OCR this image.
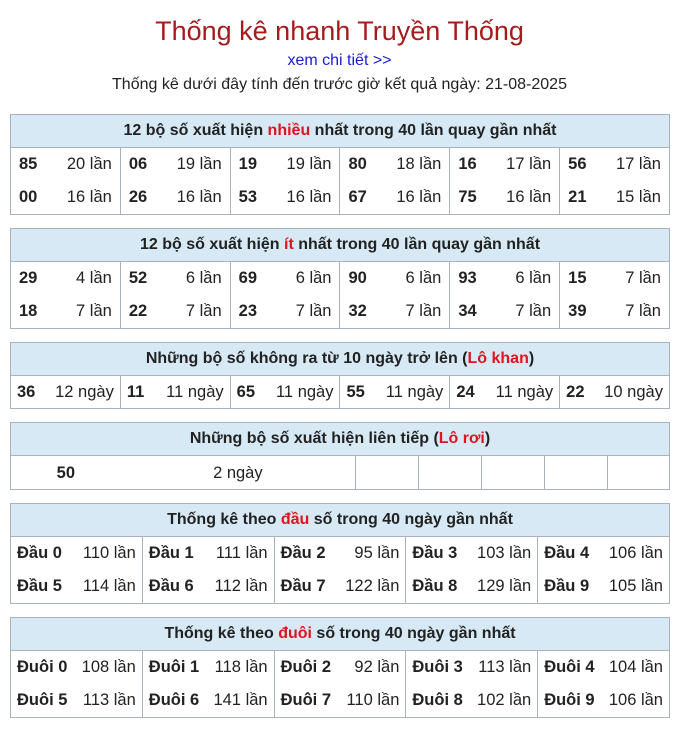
Thống kê nhanh Truyền Thống
xem chi tiết >>
Thống kê dưới đây tính đến trước giờ kết quả ngày: 21-08-2025
12 bộ số xuất hiện nhiều nhất trong 40 lần quay gần nhất
85 20 lần 06 19 lần 19 19 lần 80 18 lần 16 17 lần 56 17 lần
00 16 lần 26 16 lần 53 16 lần 67 16 lần 75 16 lần 21 15 lần
12 bộ số xuất hiện ít nhất trong 40 lần quay gần nhất
29 4 lần 52 6 lần 69 6 lần 90 6 lần 93 6 lần 15 7 lần
18 7 lần 22 7 lần 23 7 lần 32 7 lần 34 7 lần 39 7 lần
Những bộ số không ra từ 10 ngày trở lên (Lô khan)
36 12 ngày 11 11 ngày 65 11 ngày 55 11 ngày 24 11 ngày 22 10 ngày
Những bộ số xuất hiện liên tiếp (Lô rơi)
50	2 ngày
Thống kê theo đầu số trong 40 ngày gần nhất
Đầu 0 110 lần Đầu 1 111 lần Đầu 2 95 lần Đầu 3 103 lần Đầu 4 106 lần
Đầu 5 114 lần Đầu 6 112 lần Đầu 7 122 lần Đầu 8 129 lần Đầu 9 105 lần
Thống kê theo đuôi số trong 40 ngày gần nhất
Đuôi 0 108 lần Đuôi 1 118 lần Đuôi 2 92 lần Đuôi 3 113 lần Đuôi 4 104 lần
Đuôi 5 113 lần Đuôi 6 141 lần Đuôi 7 110 lần Đuôi 8 102 lần Đuôi 9 106 lần
